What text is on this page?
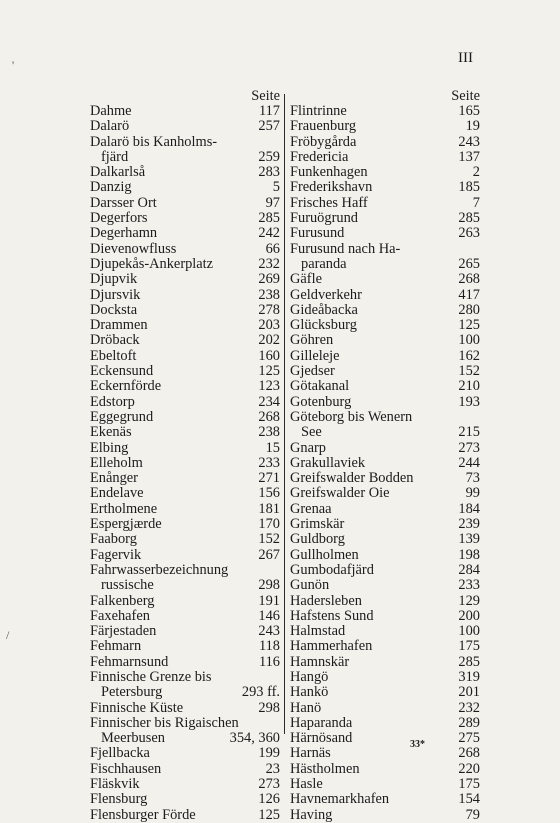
'	III
Seite
Dahme	117
Dalarö	257
Dalarö bis Kanholms-
fjärd	259
Dalkarlså	283
Danzig	5
Darsser Ort	97
Degerfors	285
Degerhamn	242
Dievenowfluss	66
Djupekås-Ankerplatz	232
Djupvik	269
Djursvik	238
Dockstа	278
Drammen	203
Dröback	202
Ebeltoft	160
Eckensund	125
Eckernförde	123
Edstorp	234
Eggegrund	268
Ekenäs	238
Elbing	15
Elleholm	233
Enånger	271
Endelave	156
Ertholmene	181
Espergjærde	170
Faaborg	152
Fagervik	267
Fahrwasserbezeichnung
russische	298
Falkenberg	191
Faxehafen	146
Färjestaden	243
Fehmarn	118
Fehmarnsund	116
Finnische Grenze bis
Petersburg	293 ff.
Finnische Küste	298
Finnischer bis Rigaischen
Meerbusen	354, 360
Fjellbacka	199
Fischhausen	23
Fläskvik	273
Flensburg	126
Flensburger Förde	125
Seite
Flintrinne	165
Frauenburg	19
Fröbygårda	243
Fredericia	137
Funkenhagen	2
Frederikshavn	185
Frisches Haff	7
Furuögrund	285
Furusund	263
Furusund nach Ha-
paranda	265
Gäfle	268
Geldverkehr	417
Gideåbacka	280
Glücksburg	125
Göhren	100
Gilleleje	162
Gjedser	152
Götakanal	210
Gotenburg	193
Göteborg bis Wenern
See	215
Gnarp	273
Grakullaviek	244
Greifswalder Bodden	73
Greifswalder Oie	99
Grenaa	184
Grimskär	239
Guldborg	139
Gullholmen	198
Gumbodafjärd	284
Gunön	233
Hadersleben	129
Hafstens Sund	200
Halmstad	100
Hammerhafen	175
Hamnskär	285
Hangö	319
Hankö	201
Hanö	232
Haparanda	289
Härnösand	275
Harnäs	268
Hästholmen	220
Hasle	175
Havnemarkhafen	154
Having	79
/
33*
